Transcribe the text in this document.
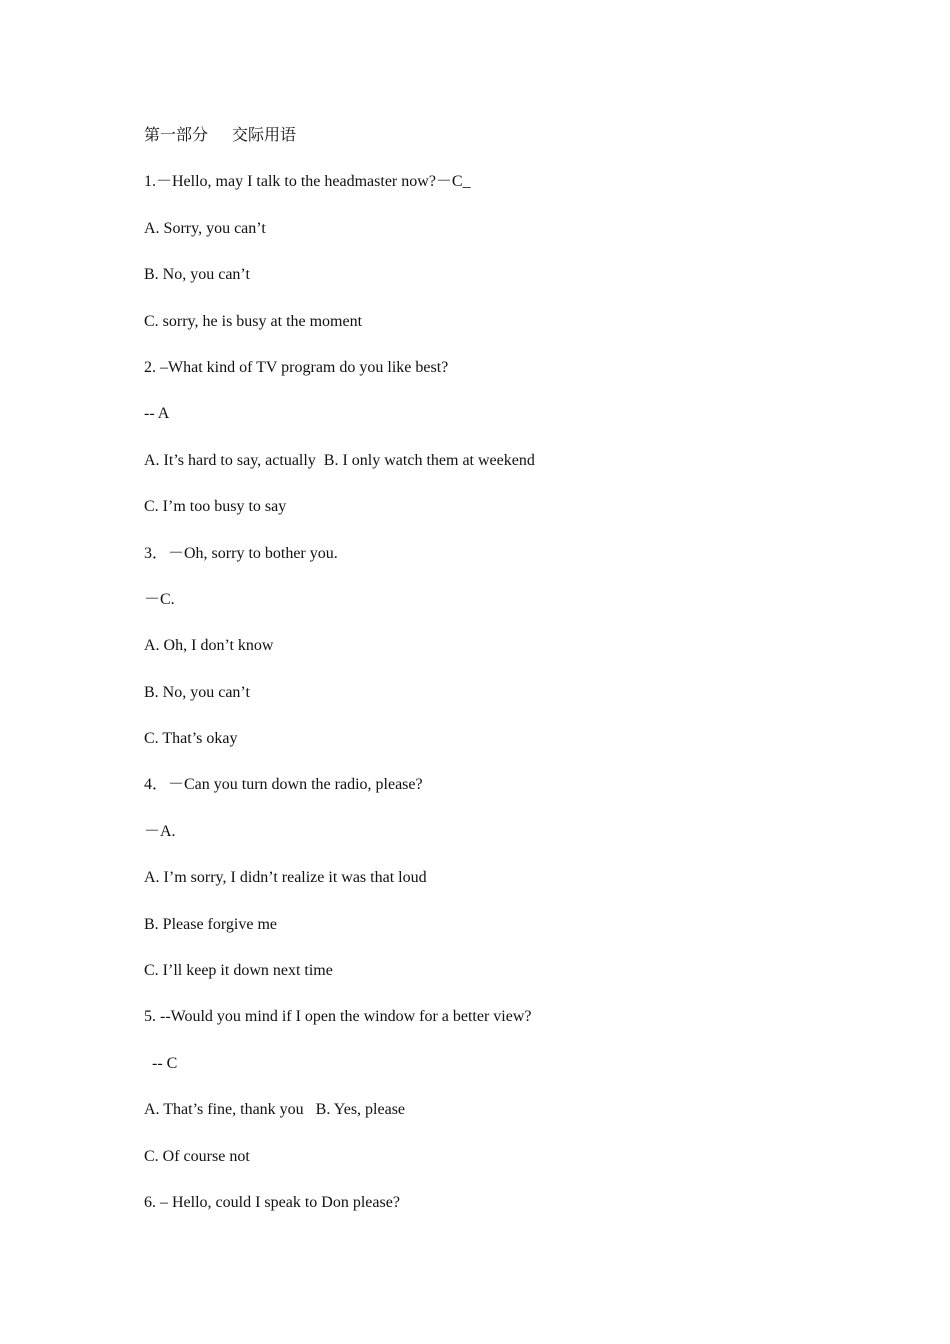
第一部分      交际用语
1.－Hello, may I talk to the headmaster now?－C_
A. Sorry, you can’t
B. No, you can’t
C. sorry, he is busy at the moment
2. –What kind of TV program do you like best?
-- A
A. It’s hard to say, actually  B. I only watch them at weekend
C. I’m too busy to say
3．－Oh, sorry to bother you.
－C.
A. Oh, I don’t know
B. No, you can’t
C. That’s okay
4．－Can you turn down the radio, please?
－A.
A. I’m sorry, I didn’t realize it was that loud
B. Please forgive me
C. I’ll keep it down next time
5. --Would you mind if I open the window for a better view?
-- C
A. That’s fine, thank you   B. Yes, please
C. Of course not
6. – Hello, could I speak to Don please?
